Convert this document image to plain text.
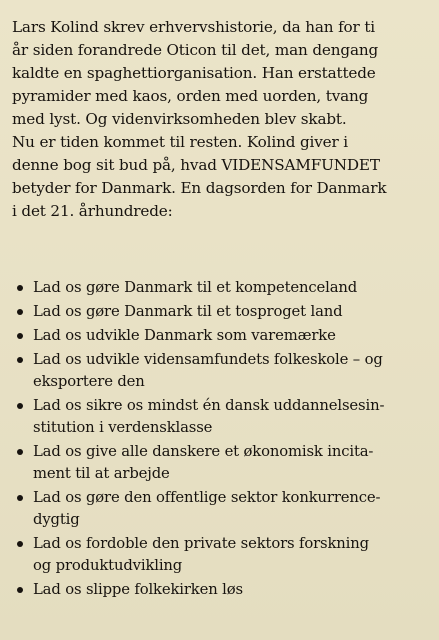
Lars Kolind skrev erhvervshistorie, da han for ti
år siden forandrede Oticon til det, man dengang
kaldte en spaghettiorganisation. Han erstattede
pyramider med kaos, orden med uorden, tvang
med lyst. Og videnvirksomheden blev skabt.
Nu er tiden kommet til resten. Kolind giver i
denne bog sit bud på, hvad VIDENSAMFUNDET
betyder for Danmark. En dagsorden for Danmark
i det 21. århundrede:
Lad os gøre Danmark til et kompetenceland
Lad os gøre Danmark til et tosproget land
Lad os udvikle Danmark som varemærke
Lad os udvikle vidensamfundets folkeskole – og
eksportere den
Lad os sikre os mindst én dansk uddannelsesin-
stitution i verdensklasse
Lad os give alle danskere et økonomisk incita-
ment til at arbejde
Lad os gøre den offentlige sektor konkurrence-
dygtig
Lad os fordoble den private sektors forskning
og produktudvikling
Lad os slippe folkekirken løs
